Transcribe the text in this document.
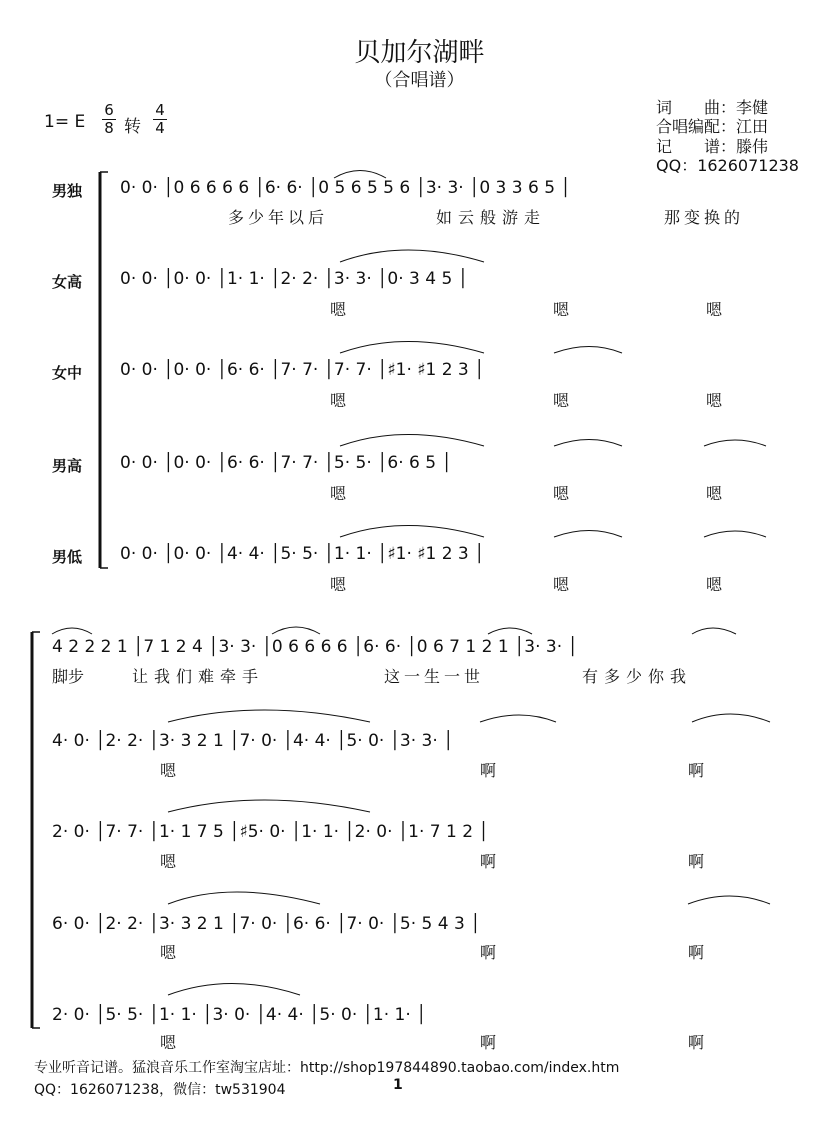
贝加尔湖畔
（合唱谱）
1= E
6
8 转
4
4
词　　曲：李健
合唱编配：江田
记　　谱：滕伟
QQ：1626071238
男独
女高
女中
男高
男低
0· 0· │0 6 6 6 6 │6· 6· │0 5 6 5 5 6 │3· 3· │0 3 3 6 5 │
0· 0· │0· 0· │1· 1· │2· 2· │3· 3· │0· 3 4 5 │
0· 0· │0· 0· │6· 6· │7· 7· │7· 7· │♯1· ♯1 2 3 │
0· 0· │0· 0· │6· 6· │7· 7· │5· 5· │6· 6 5 │
0· 0· │0· 0· │4· 4· │5· 5· │1· 1· │♯1· ♯1 2 3 │
多少年以后	如云般游走	那变换的
嗯	嗯	嗯
嗯	嗯	嗯
嗯	嗯	嗯
嗯	嗯	嗯
4 2 2 2 1 │7 1 2 4 │3· 3· │0 6 6 6 6 │6· 6· │0 6 7 1 2 1 │3· 3· │
4· 0· │2· 2· │3· 3 2 1 │7· 0· │4· 4· │5· 0· │3· 3· │
2· 0· │7· 7· │1· 1 7 5 │♯5· 0· │1· 1· │2· 0· │1· 7 1 2 │
6· 0· │2· 2· │3· 3 2 1 │7· 0· │6· 6· │7· 0· │5· 5 4 3 │
2· 0· │5· 5· │1· 1· │3· 0· │4· 4· │5· 0· │1· 1· │
脚步	让我们难牵手	这一生一世	有多少你我
嗯	啊	啊
嗯	啊	啊
嗯	啊	啊
嗯	啊	啊
专业听音记谱。猛浪音乐工作室淘宝店址：http://shop197844890.taobao.com/index.htm
QQ：1626071238，微信：tw531904	1
